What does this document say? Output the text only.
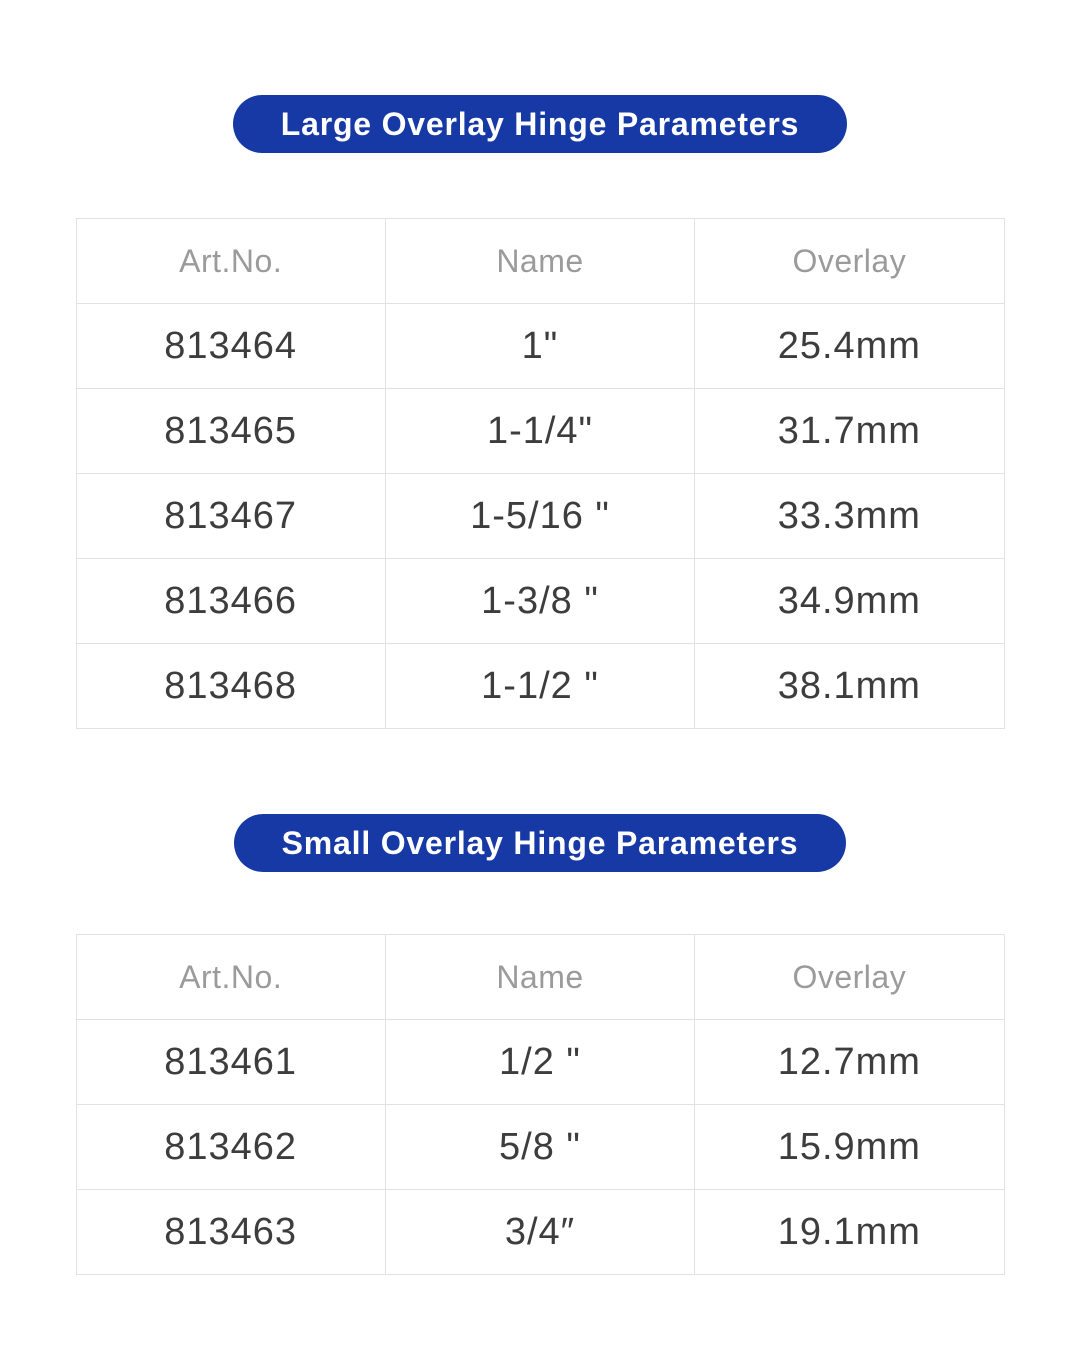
Large Overlay Hinge Parameters
Art.No.	Name	Overlay
813464	1"	25.4mm
813465	1-1/4"	31.7mm
813467	1-5/16 "	33.3mm
813466	1-3/8 "	34.9mm
813468	1-1/2 "	38.1mm
Small Overlay Hinge Parameters
Art.No.	Name	Overlay
813461	1/2 "	12.7mm
813462	5/8 "	15.9mm
813463	3/4″	19.1mm
